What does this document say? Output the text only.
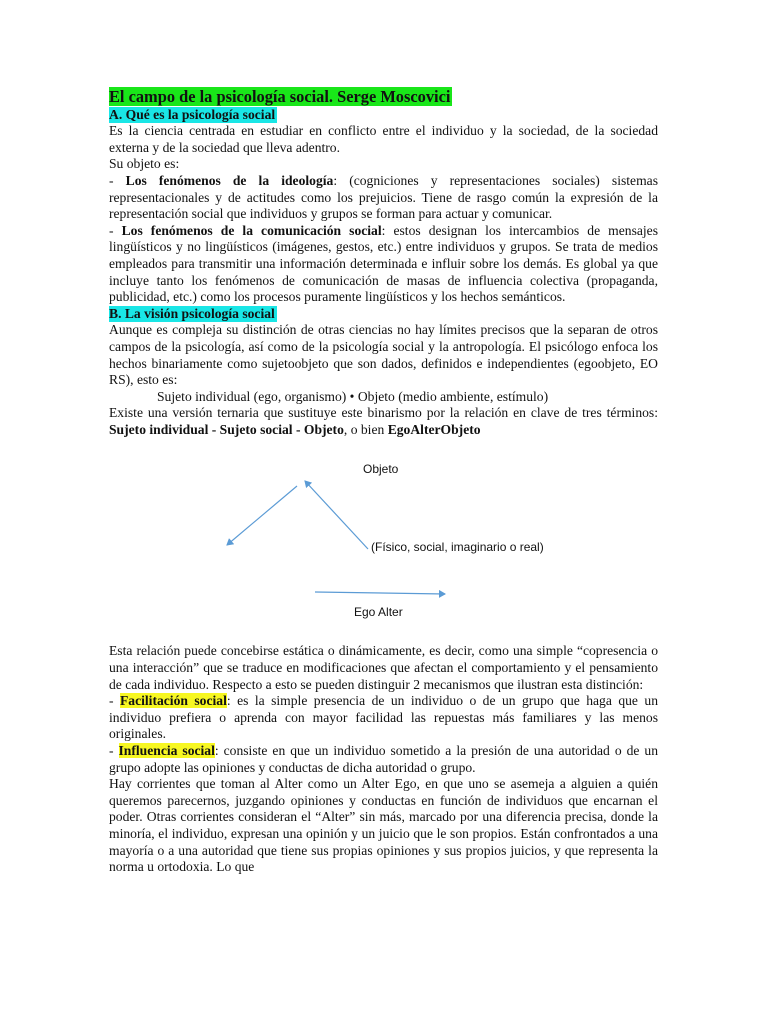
El campo de la psicología social. Serge Moscovici
A. Qué es la psicología social

Es la ciencia centrada en estudiar en conflicto entre el individuo y la sociedad, de la sociedad externa y de la sociedad que lleva adentro.

Su objeto es:

- Los fenómenos de la ideología: (cogniciones y representaciones sociales) sistemas representacionales y de actitudes como los prejuicios. Tiene de rasgo común la expresión de la representación social que individuos y grupos se forman para actuar y comunicar.

- Los fenómenos de la comunicación social: estos designan los intercambios de mensajes lingüísticos y no lingüísticos (imágenes, gestos, etc.) entre individuos y grupos. Se trata de medios empleados para transmitir una información determinada e influir sobre los demás. Es global ya que incluye tanto los fenómenos de comunicación de masas de influencia colectiva (propaganda, publicidad, etc.) como los procesos puramente lingüísticos y los hechos semánticos.

B. La visión psicología social

Aunque es compleja su distinción de otras ciencias no hay límites precisos que la separan de otros campos de la psicología, así como de la psicología social y la antropología. El psicólogo enfoca los hechos binariamente como sujetoobjeto que son dados, definidos e independientes (egoobjeto, EO RS), esto es:

Sujeto individual (ego, organismo) • Objeto (medio ambiente, estímulo)

Existe una versión ternaria que sustituye este binarismo por la relación en clave de tres términos: Sujeto individual - Sujeto social - Objeto, o bien EgoAlterObjeto

Objeto
(Físico, social, imaginario o real)
Ego Alter

Esta relación puede concebirse estática o dinámicamente, es decir, como una simple “copresencia o una interacción” que se traduce en modificaciones que afectan el comportamiento y el pensamiento de cada individuo. Respecto a esto se pueden distinguir 2 mecanismos que ilustran esta distinción:

- Facilitación social: es la simple presencia de un individuo o de un grupo que haga que un individuo prefiera o aprenda con mayor facilidad las repuestas más familiares y las menos originales.

- Influencia social: consiste en que un individuo sometido a la presión de una autoridad o de un grupo adopte las opiniones y conductas de dicha autoridad o grupo.

Hay corrientes que toman al Alter como un Alter Ego, en que uno se asemeja a alguien a quién queremos parecernos, juzgando opiniones y conductas en función de individuos que encarnan el poder. Otras corrientes consideran el “Alter” sin más, marcado por una diferencia precisa, donde la minoría, el individuo, expresan una opinión y un juicio que le son propios. Están confrontados a una mayoría o a una autoridad que tiene sus propias opiniones y sus propios juicios, y que representa la norma u ortodoxia. Lo que
